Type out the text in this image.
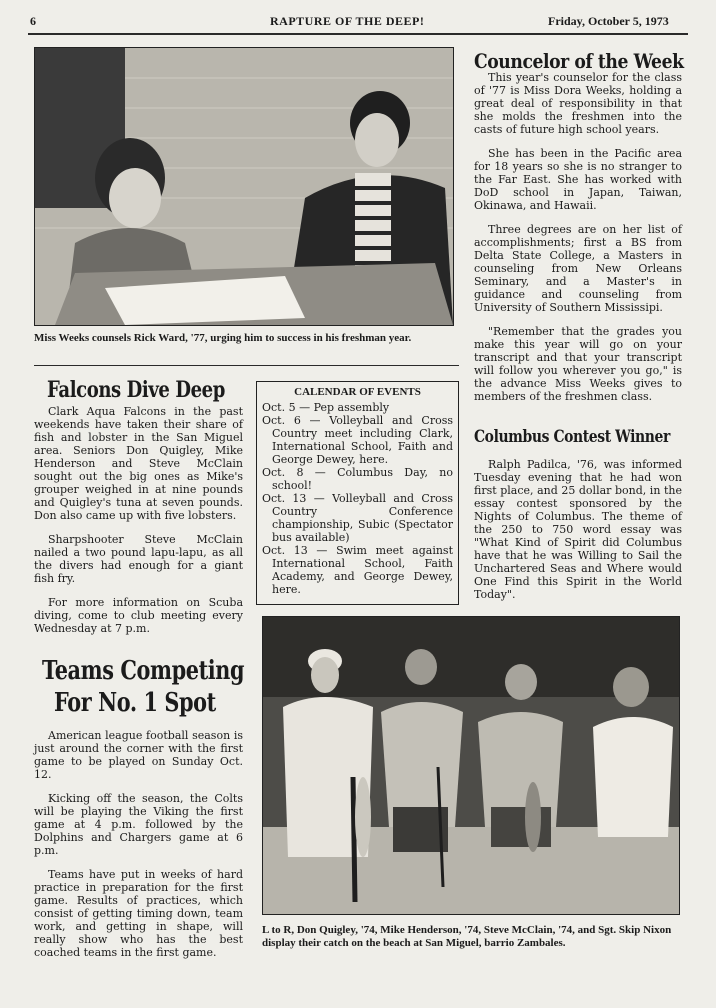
6	RAPTURE OF THE DEEP!	Friday, October 5, 1973
Miss Weeks counsels Rick Ward, '77, urging him to success in his freshman year.
Councelor of the Week

This year's counselor for the class of '77 is Miss Dora Weeks, holding a great deal of responsibility in that she molds the freshmen into the casts of future high school years.

She has been in the Pacific area for 18 years so she is no stranger to the Far East. She has worked with DoD school in Japan, Taiwan, Okinawa, and Hawaii.

Three degrees are on her list of accomplishments; first a BS from Delta State College, a Masters in counseling from New Orleans Seminary, and a Master's in guidance and counseling from University of Southern Mississipi.

"Remember that the grades you make this year will go on your transcript and that your transcript will follow you wherever you go," is the advance Miss Weeks gives to members of the freshmen class.

Columbus Contest Winner

Ralph Padilca, '76, was informed Tuesday evening that he had won first place, and 25 dollar bond, in the essay contest sponsored by the Nights of Columbus. The theme of the 250 to 750 word essay was "What Kind of Spirit did Columbus have that he was Willing to Sail the Unchartered Seas and Where would One Find this Spirit in the World Today".

Falcons Dive Deep

Clark Aqua Falcons in the past weekends have taken their share of fish and lobster in the San Miguel area. Seniors Don Quigley, Mike Henderson and Steve McClain sought out the big ones as Mike's grouper weighed in at nine pounds and Quigley's tuna at seven pounds. Don also came up with five lobsters.

Sharpshooter Steve McClain nailed a two pound lapu-lapu, as all the divers had enough for a giant fish fry.

For more information on Scuba diving, come to club meeting every Wednesday at 7 p.m.

CALENDAR OF EVENTS
Oct. 5 — Pep assembly
Oct. 6 — Volleyball and Cross Country meet including Clark, International School, Faith and George Dewey, here.
Oct. 8 — Columbus Day, no school!
Oct. 13 — Volleyball and Cross Country Conference championship, Subic (Spectator bus available)
Oct. 13 — Swim meet against International School, Faith Academy, and George Dewey, here.
Teams Competing
For No. 1 Spot

American league football season is just around the corner with the first game to be played on Sunday Oct. 12.

Kicking off the season, the Colts will be playing the Viking the first game at 4 p.m. followed by the Dolphins and Chargers game at 6 p.m.

Teams have put in weeks of hard practice in preparation for the first game. Results of practices, which consist of getting timing down, team work, and getting in shape, will really show who has the best coached teams in the first game.

L to R, Don Quigley, '74, Mike Henderson, '74, Steve McClain, '74, and Sgt. Skip Nixon display their catch on the beach at San Miguel, barrio Zambales.
